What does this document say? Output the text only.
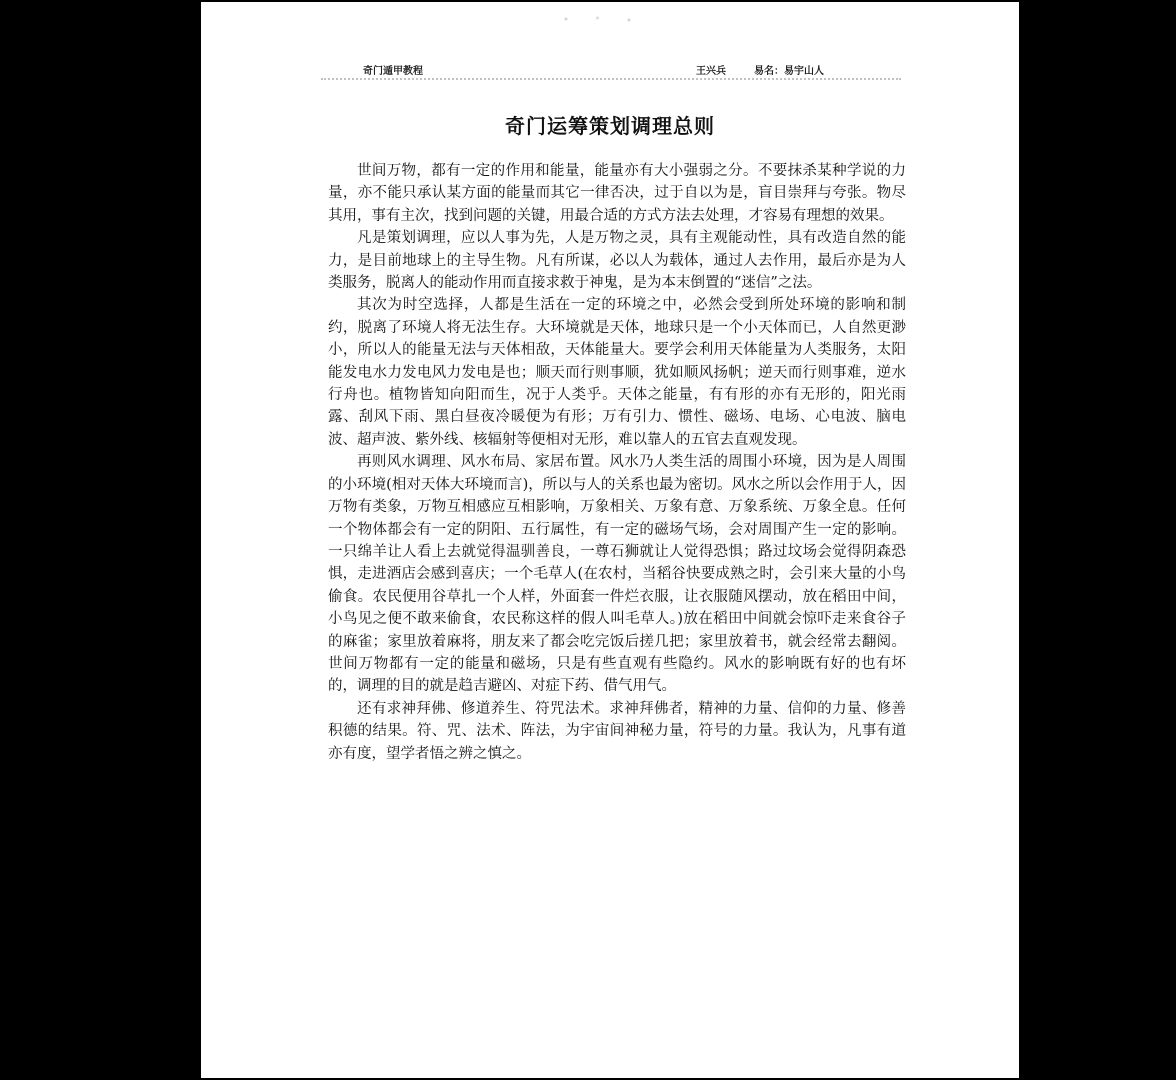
奇门遁甲教程	王兴兵	易名：易宇山人
奇门运筹策划调理总则

世间万物，都有一定的作用和能量，能量亦有大小强弱之分。不要抹杀某种学说的力量，亦不能只承认某方面的能量而其它一律否决，过于自以为是，盲目崇拜与夸张。物尽其用，事有主次，找到问题的关键，用最合适的方式方法去处理，才容易有理想的效果。

凡是策划调理，应以人事为先，人是万物之灵，具有主观能动性，具有改造自然的能力，是目前地球上的主导生物。凡有所谋，必以人为载体，通过人去作用，最后亦是为人类服务，脱离人的能动作用而直接求救于神鬼，是为本末倒置的“迷信”之法。

其次为时空选择，人都是生活在一定的环境之中，必然会受到所处环境的影响和制约，脱离了环境人将无法生存。大环境就是天体，地球只是一个小天体而已，人自然更渺小，所以人的能量无法与天体相敌，天体能量大。要学会利用天体能量为人类服务，太阳能发电水力发电风力发电是也；顺天而行则事顺，犹如顺风扬帆；逆天而行则事难，逆水行舟也。植物皆知向阳而生，况于人类乎。天体之能量，有有形的亦有无形的，阳光雨露、刮风下雨、黑白昼夜冷暖便为有形；万有引力、惯性、磁场、电场、心电波、脑电波、超声波、紫外线、核辐射等便相对无形，难以靠人的五官去直观发现。

再则风水调理、风水布局、家居布置。风水乃人类生活的周围小环境，因为是人周围的小环境(相对天体大环境而言)，所以与人的关系也最为密切。风水之所以会作用于人，因万物有类象，万物互相感应互相影响，万象相关、万象有意、万象系统、万象全息。任何一个物体都会有一定的阴阳、五行属性，有一定的磁场气场，会对周围产生一定的影响。一只绵羊让人看上去就觉得温驯善良，一尊石狮就让人觉得恐惧；路过坟场会觉得阴森恐惧，走进酒店会感到喜庆；一个毛草人(在农村，当稻谷快要成熟之时，会引来大量的小鸟偷食。农民便用谷草扎一个人样，外面套一件烂衣服，让衣服随风摆动，放在稻田中间，小鸟见之便不敢来偷食，农民称这样的假人叫毛草人。)放在稻田中间就会惊吓走来食谷子的麻雀；家里放着麻将，朋友来了都会吃完饭后搓几把；家里放着书，就会经常去翻阅。世间万物都有一定的能量和磁场，只是有些直观有些隐约。风水的影响既有好的也有坏的，调理的目的就是趋吉避凶、对症下药、借气用气。

还有求神拜佛、修道养生、符咒法术。求神拜佛者，精神的力量、信仰的力量、修善积德的结果。符、咒、法术、阵法，为宇宙间神秘力量，符号的力量。我认为，凡事有道亦有度，望学者悟之辨之慎之。
